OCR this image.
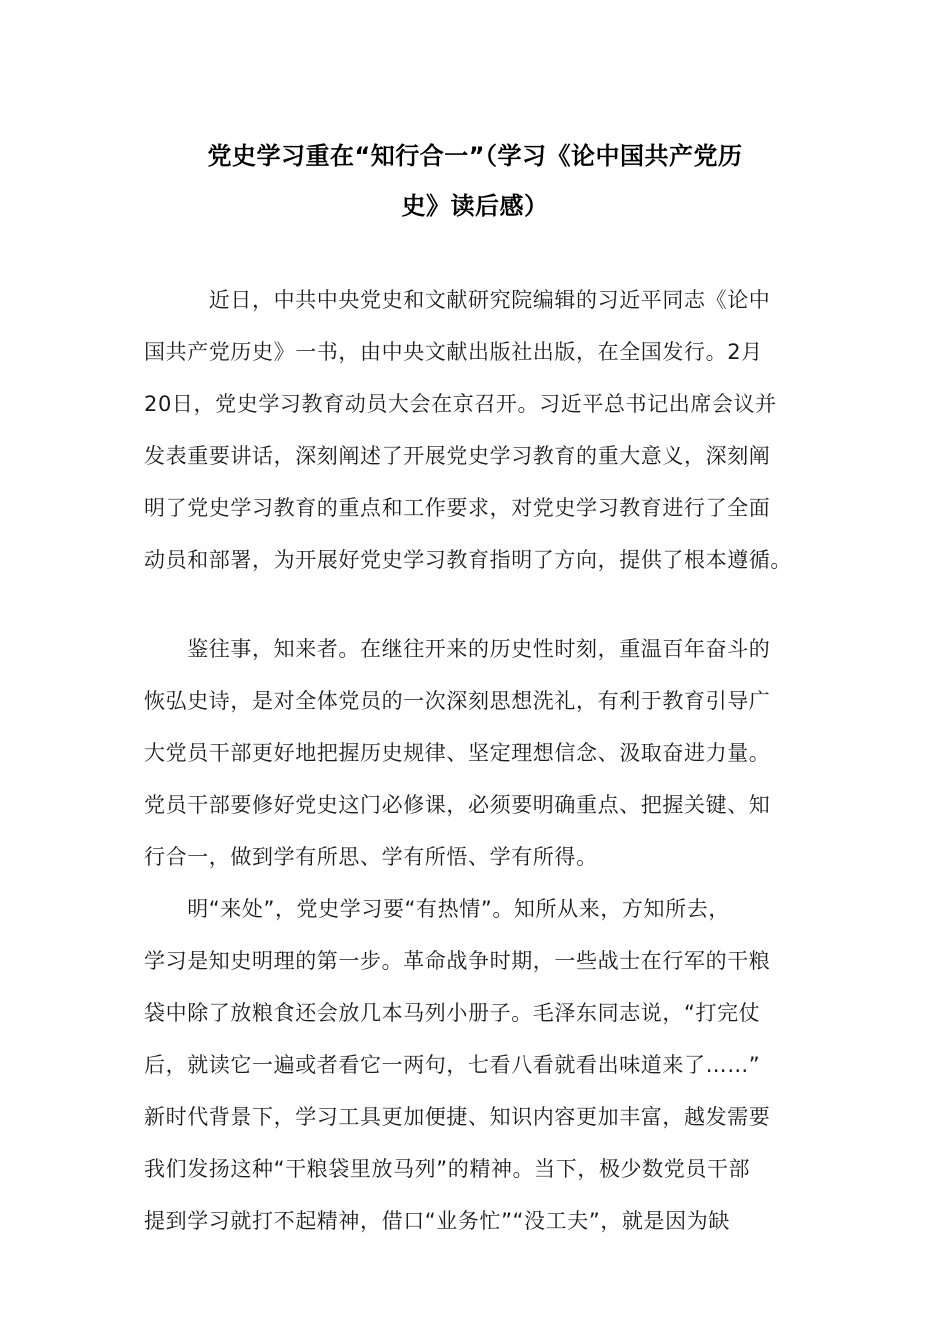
党史学习重在“知行合一”（学习《论中国共产党历
史》读后感）
　　　近日，中共中央党史和文献研究院编辑的习近平同志《论中
国共产党历史》一书，由中央文献出版社出版，在全国发行。2月
20日，党史学习教育动员大会在京召开。习近平总书记出席会议并
发表重要讲话，深刻阐述了开展党史学习教育的重大意义，深刻阐
明了党史学习教育的重点和工作要求，对党史学习教育进行了全面
动员和部署，为开展好党史学习教育指明了方向，提供了根本遵循。
　　鉴往事，知来者。在继往开来的历史性时刻，重温百年奋斗的
恢弘史诗，是对全体党员的一次深刻思想洗礼，有利于教育引导广
大党员干部更好地把握历史规律、坚定理想信念、汲取奋进力量。
党员干部要修好党史这门必修课，必须要明确重点、把握关键、知
行合一，做到学有所思、学有所悟、学有所得。
　　明“来处”，党史学习要“有热情”。知所从来，方知所去，
学习是知史明理的第一步。革命战争时期，一些战士在行军的干粮
袋中除了放粮食还会放几本马列小册子。毛泽东同志说，“打完仗
后，就读它一遍或者看它一两句，七看八看就看出味道来了……”
新时代背景下，学习工具更加便捷、知识内容更加丰富，越发需要
我们发扬这种“干粮袋里放马列”的精神。当下，极少数党员干部
提到学习就打不起精神，借口“业务忙”“没工夫”，就是因为缺
